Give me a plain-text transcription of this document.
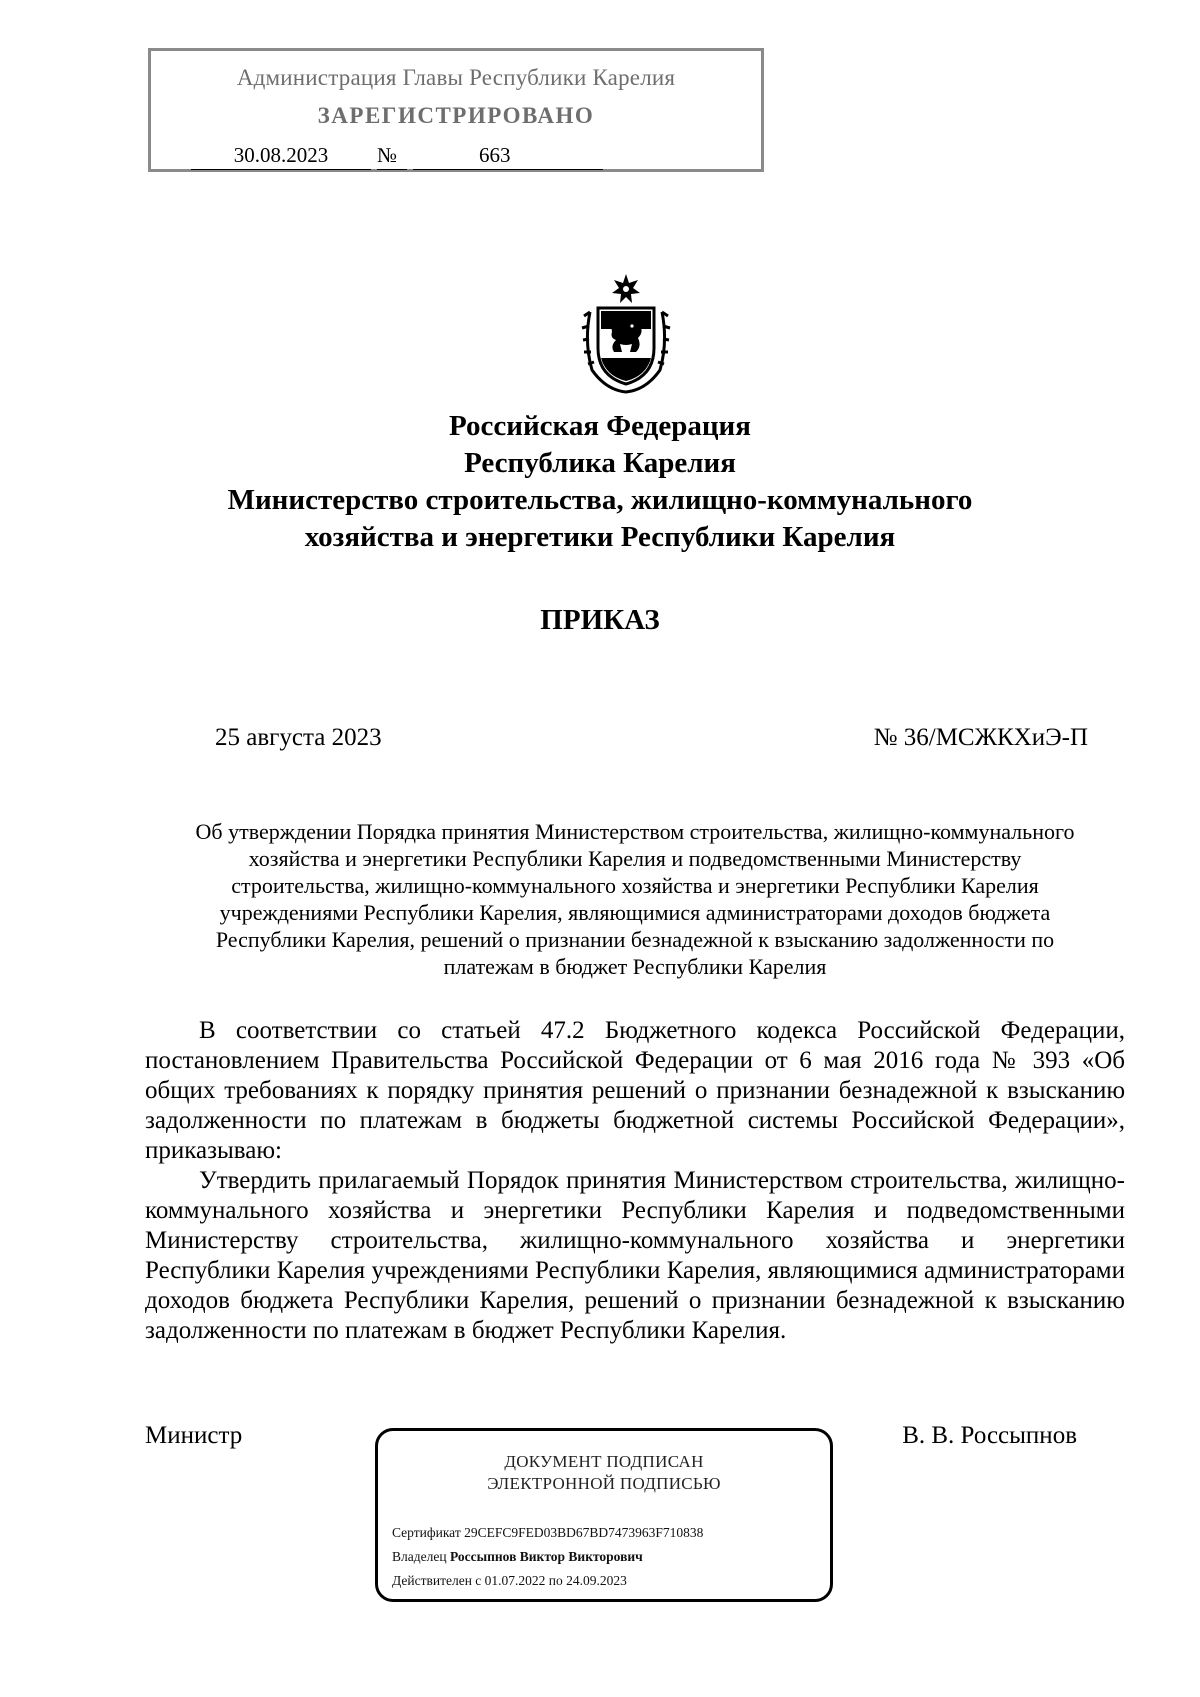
Администрация Главы Республики Карелия
ЗАРЕГИСТРИРОВАНО
30.08.2023	№	663
Российская Федерация
Республика Карелия
Министерство строительства, жилищно-коммунального
хозяйства и энергетики Республики Карелия
ПРИКАЗ
25 августа 2023	№ 36/МСЖКХиЭ-П
Об утверждении Порядка принятия Министерством строительства, жилищно-коммунального
хозяйства и энергетики Республики Карелия и подведомственными Министерству
строительства, жилищно-коммунального хозяйства и энергетики Республики Карелия
учреждениями Республики Карелия, являющимися администраторами доходов бюджета
Республики Карелия, решений о признании безнадежной к взысканию задолженности по
платежам в бюджет Республики Карелия

В соответствии со статьей 47.2 Бюджетного кодекса Российской Федерации, постановлением Правительства Российской Федерации от 6 мая 2016 года № 393 «Об общих требованиях к порядку принятия решений о признании безнадежной к взысканию задолженности по платежам в бюджеты бюджетной системы Российской Федерации», приказываю:

Утвердить прилагаемый Порядок принятия Министерством строительства, жилищно-коммунального хозяйства и энергетики Республики Карелия и подведомственными Министерству строительства, жилищно-коммунального хозяйства и энергетики Республики Карелия учреждениями Республики Карелия, являющимися администраторами доходов бюджета Республики Карелия, решений о признании безнадежной к взысканию задолженности по платежам в бюджет Республики Карелия.

Министр	В. В. Россыпнов
ДОКУМЕНТ ПОДПИСАН
ЭЛЕКТРОННОЙ ПОДПИСЬЮ
Сертификат 29CEFC9FED03BD67BD7473963F710838
Владелец Россыпнов Виктор Викторович
Действителен с 01.07.2022 по 24.09.2023
